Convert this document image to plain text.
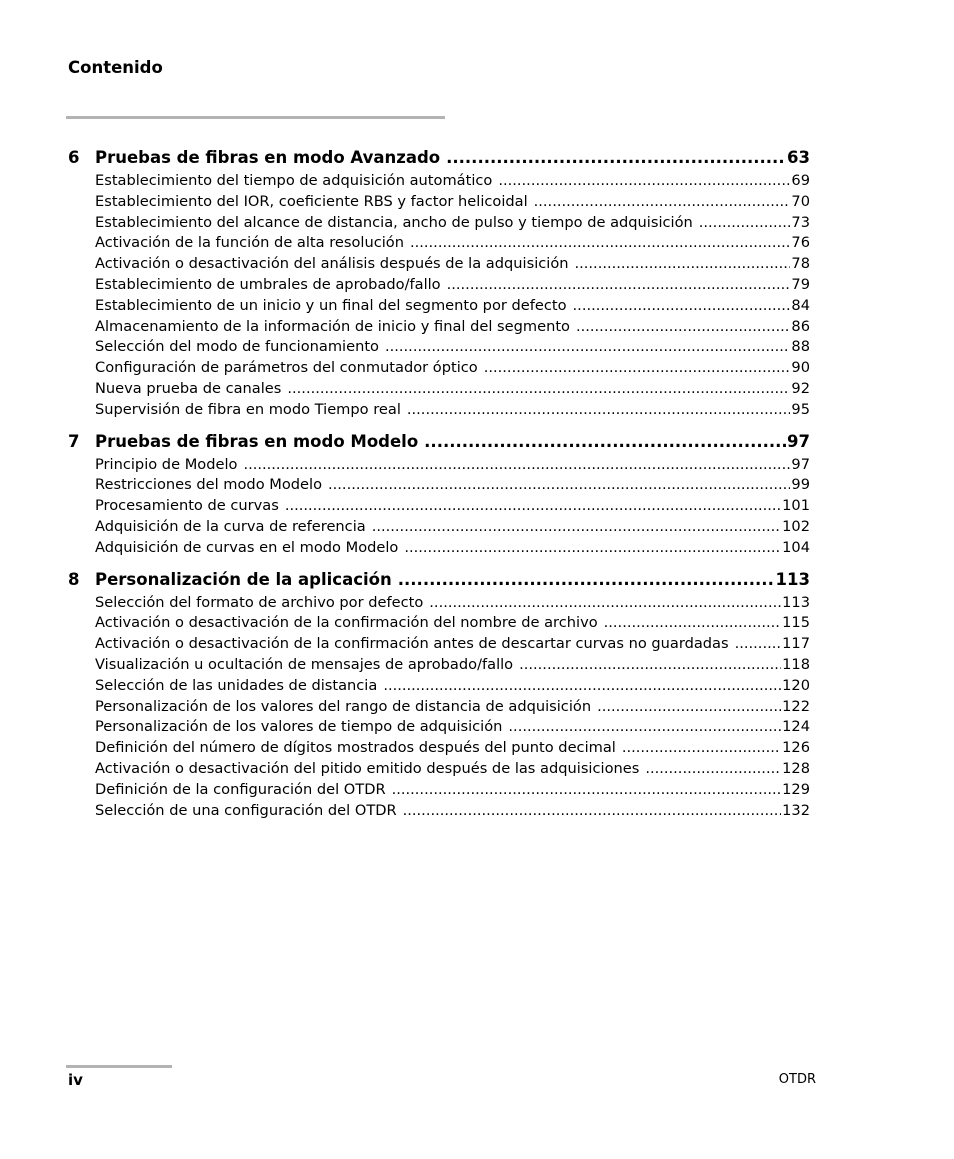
Contenido
6 Pruebas de fibras en modo Avanzado .....	63
Establecimiento del tiempo de adquisición automático .....	69
Establecimiento del IOR, coeficiente RBS y factor helicoidal .....	70
Establecimiento del alcance de distancia, ancho de pulso y tiempo de adquisición .....	73
Activación de la función de alta resolución .....	76
Activación o desactivación del análisis después de la adquisición .....	78
Establecimiento de umbrales de aprobado/fallo .....	79
Establecimiento de un inicio y un final del segmento por defecto .....	84
Almacenamiento de la información de inicio y final del segmento .....	86
Selección del modo de funcionamiento .....	88
Configuración de parámetros del conmutador óptico .....	90
Nueva prueba de canales .....	92
Supervisión de fibra en modo Tiempo real .....	95
7 Pruebas de fibras en modo Modelo .....	97
Principio de Modelo .....	97
Restricciones del modo Modelo .....	99
Procesamiento de curvas .....	101
Adquisición de la curva de referencia .....	102
Adquisición de curvas en el modo Modelo .....	104
8 Personalización de la aplicación .....	113
Selección del formato de archivo por defecto .....	113
Activación o desactivación de la confirmación del nombre de archivo .....	115
Activación o desactivación de la confirmación antes de descartar curvas no guardadas .....	117
Visualización u ocultación de mensajes de aprobado/fallo .....	118
Selección de las unidades de distancia .....	120
Personalización de los valores del rango de distancia de adquisición .....	122
Personalización de los valores de tiempo de adquisición .....	124
Definición del número de dígitos mostrados después del punto decimal .....	126
Activación o desactivación del pitido emitido después de las adquisiciones .....	128
Definición de la configuración del OTDR .....	129
Selección de una configuración del OTDR .....	132
iv	OTDR
